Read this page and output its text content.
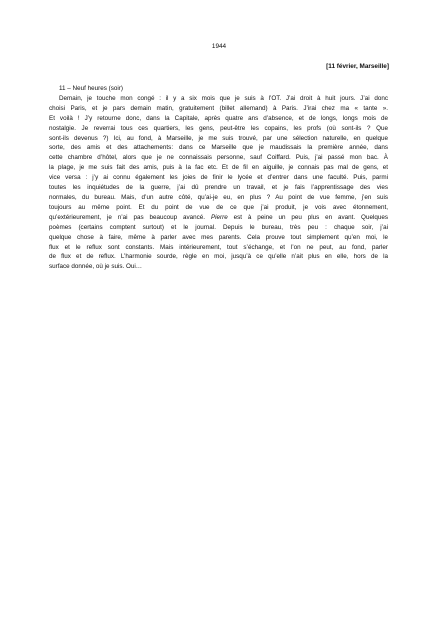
1944
[11 février, Marseille]
11 – Neuf heures (soir)
Demain, je touche mon congé : il y a six mois que je suis à l’OT. J’ai droit à huit jours. J’ai donc
choisi Paris, et je pars demain matin, gratuitement (billet allemand) à Paris. J’irai chez ma « tante ».
Et voilà ! J’y retourne donc, dans la Capitale, après quatre ans d’absence, et de longs, longs mois de
nostalgie. Je reverrai tous ces quartiers, les gens, peut-être les copains, les profs (où sont-ils ? Que
sont-ils devenus ?) Ici, au fond, à Marseille, je me suis trouvé, par une sélection naturelle, en quelque
sorte, des amis et des attachements: dans ce Marseille que je maudissais la première année, dans
cette chambre d’hôtel, alors que je ne connaissais personne, sauf Coiffard. Puis, j’ai passé mon bac. À
la plage, je me suis fait des amis, puis à la fac etc. Et de fil en aiguille, je connais pas mal de gens, et
vice versa : j’y ai connu également les joies de finir le lycée et d’entrer dans une faculté. Puis, parmi
toutes les inquiétudes de la guerre, j’ai dû prendre un travail, et je fais l’apprentissage des vies
normales, du bureau. Mais, d’un autre côté, qu’ai-je eu, en plus ? Au point de vue femme, j’en suis
toujours au même point. Et du point de vue de ce que j’ai produit, je vois avec étonnement,
qu’extérieurement, je n’ai pas beaucoup avancé. Pierre est à peine un peu plus en avant. Quelques
poèmes (certains comptent surtout) et le journal. Depuis le bureau, très peu : chaque soir, j’ai
quelque chose à faire, même à parler avec mes parents. Cela prouve tout simplement qu’en moi, le
flux et le reflux sont constants. Mais intérieurement, tout s’échange, et l’on ne peut, au fond, parler
de flux et de reflux. L’harmonie sourde, règle en moi, jusqu’à ce qu’elle n’ait plus en elle, hors de la
surface donnée, où je suis. Oui…
